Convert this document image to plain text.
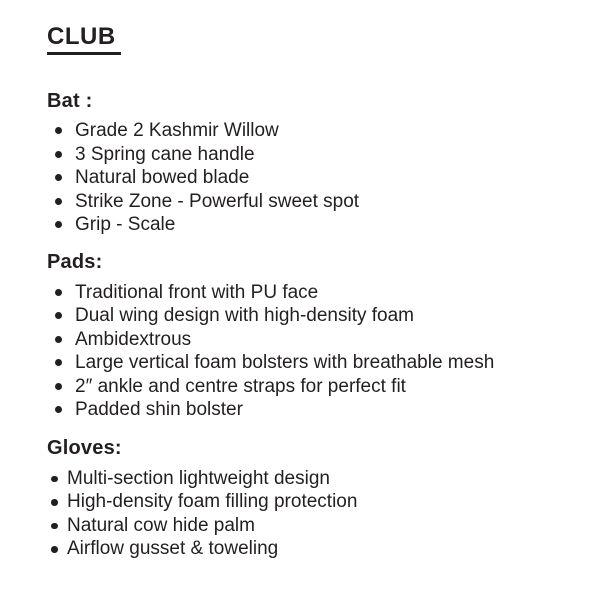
CLUB
Bat :
Grade 2 Kashmir Willow
3 Spring cane handle
Natural bowed blade
Strike Zone - Powerful sweet spot
Grip - Scale
Pads:
Traditional front with PU face
Dual wing design with high-density foam
Ambidextrous
Large vertical foam bolsters with breathable mesh
2″ ankle and centre straps for perfect fit
Padded shin bolster
Gloves:
Multi-section lightweight design
High-density foam filling protection
Natural cow hide palm
Airflow gusset & toweling
